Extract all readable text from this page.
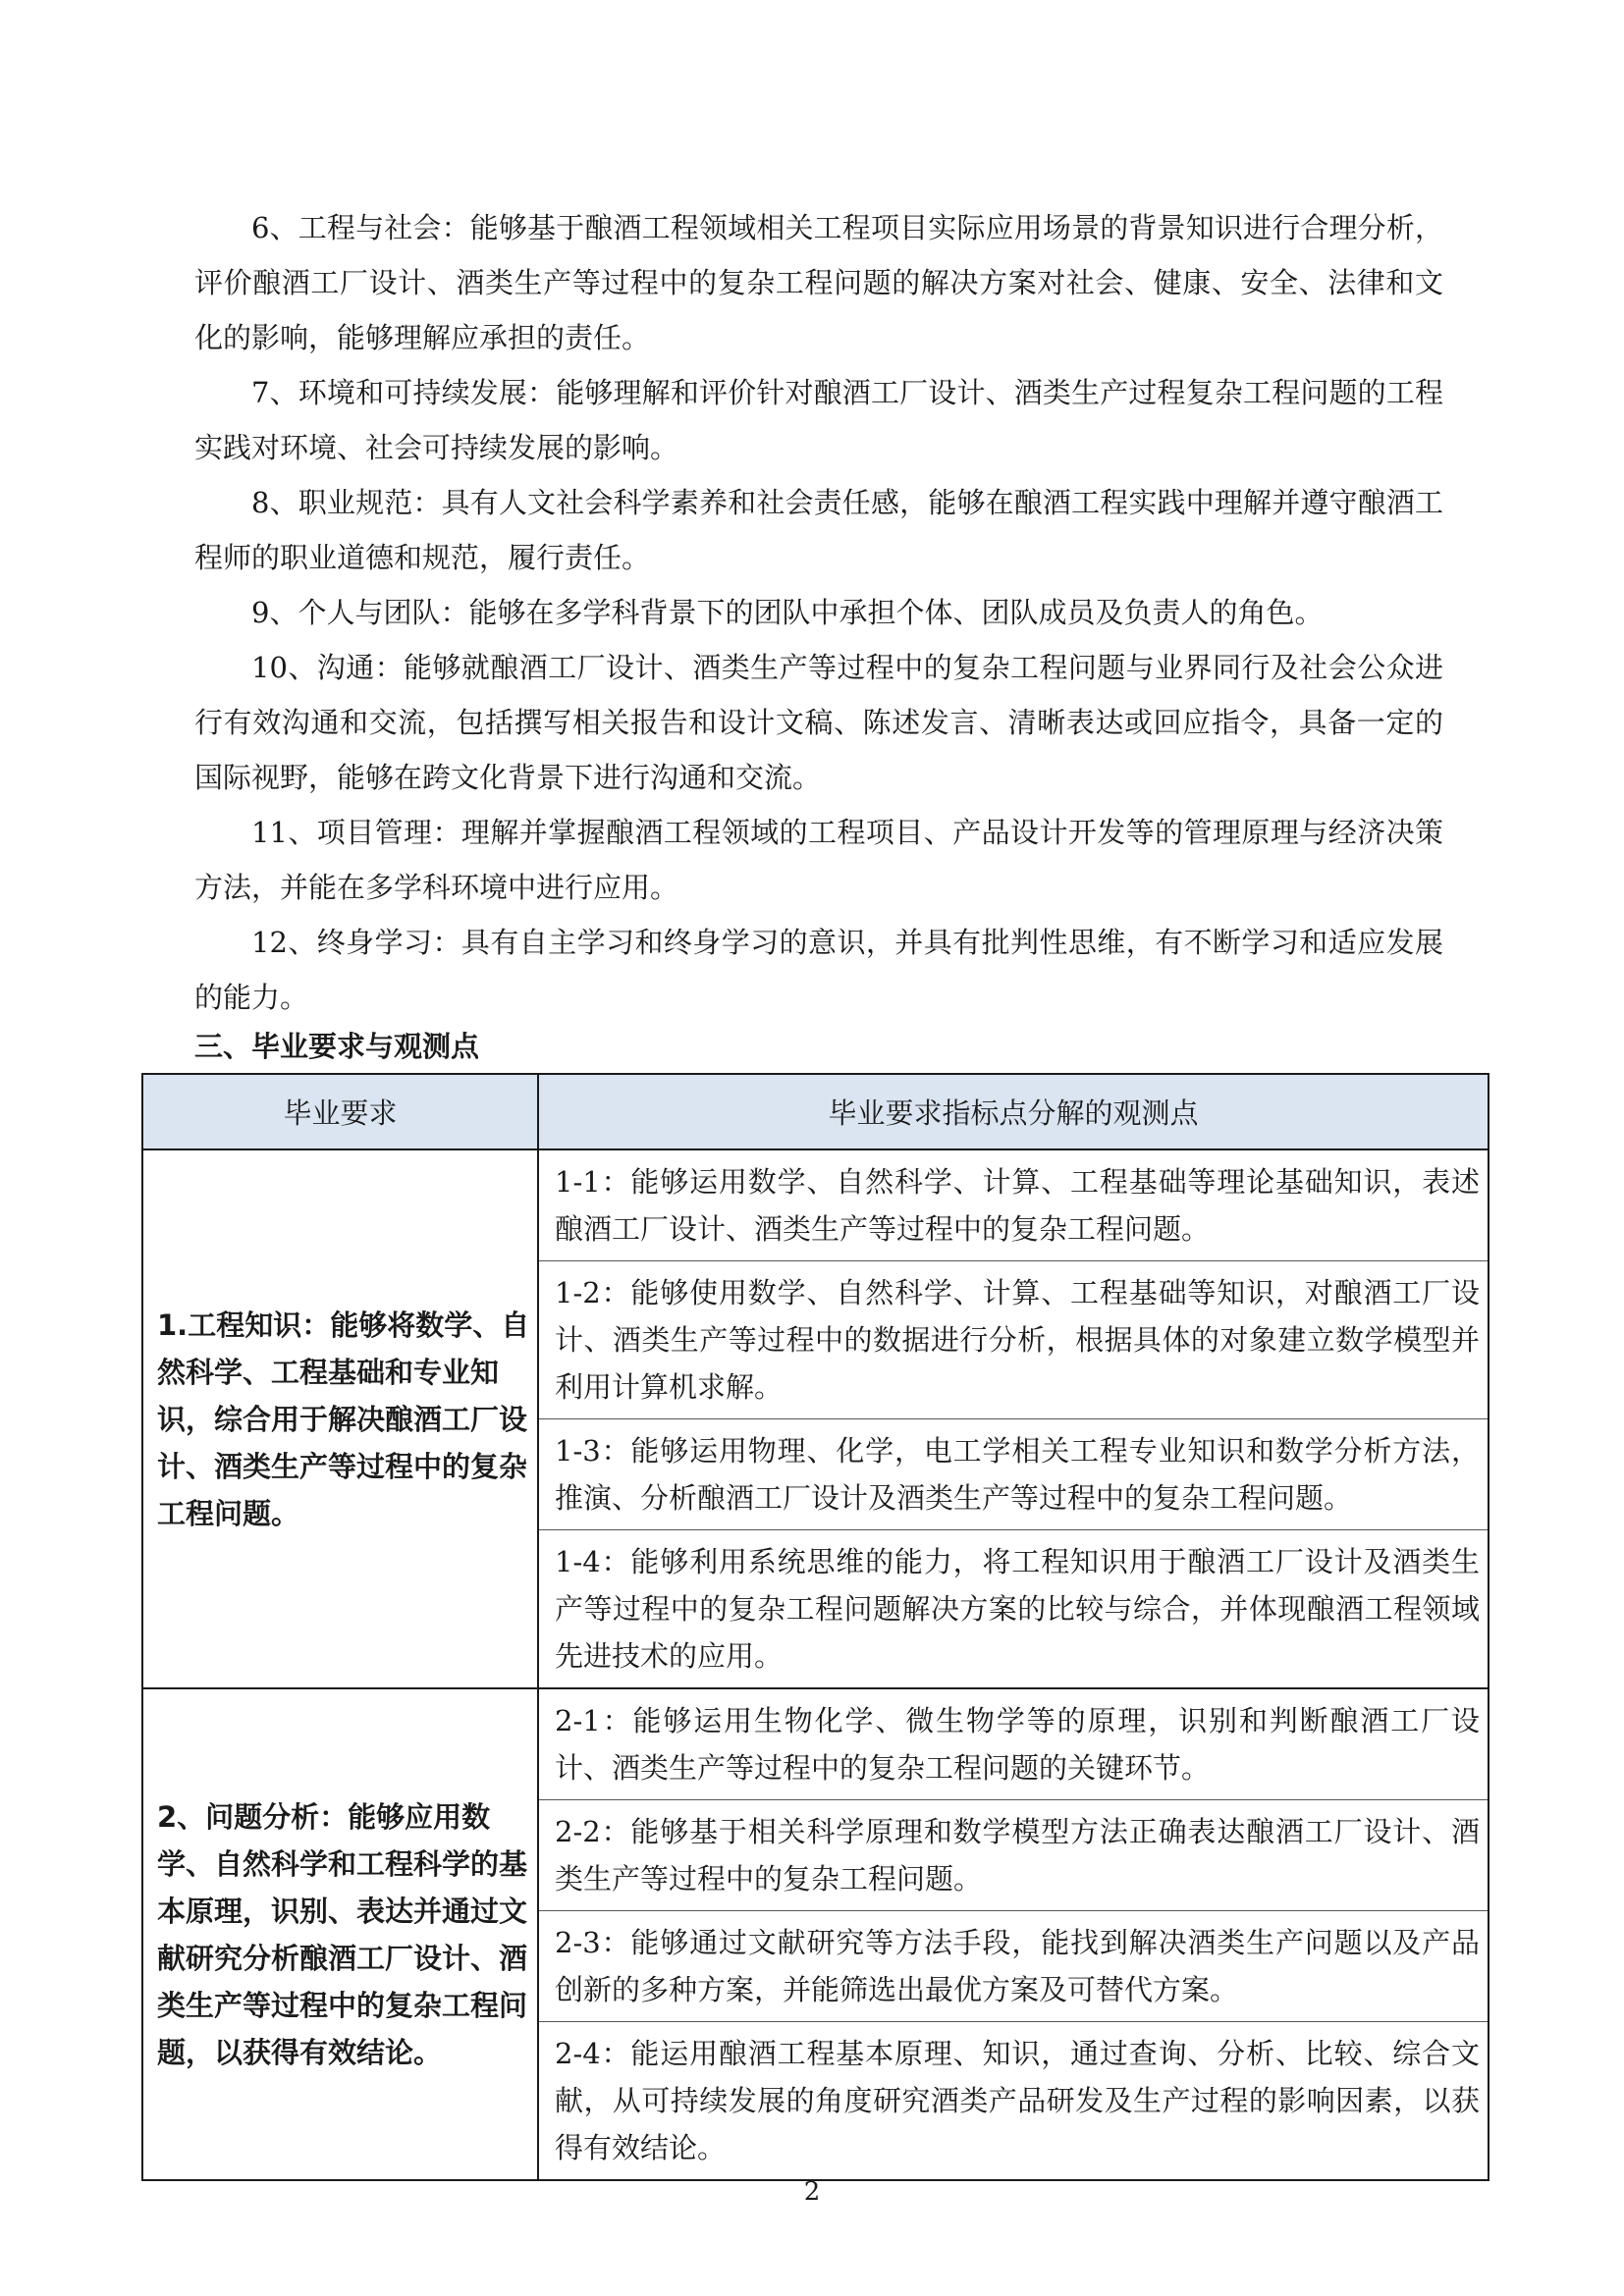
6、工程与社会：能够基于酿酒工程领域相关工程项目实际应用场景的背景知识进行合理分析，评价酿酒工厂设计、酒类生产等过程中的复杂工程问题的解决方案对社会、健康、安全、法律和文化的影响，能够理解应承担的责任。

7、环境和可持续发展：能够理解和评价针对酿酒工厂设计、酒类生产过程复杂工程问题的工程实践对环境、社会可持续发展的影响。

8、职业规范：具有人文社会科学素养和社会责任感，能够在酿酒工程实践中理解并遵守酿酒工程师的职业道德和规范，履行责任。

9、个人与团队：能够在多学科背景下的团队中承担个体、团队成员及负责人的角色。

10、沟通：能够就酿酒工厂设计、酒类生产等过程中的复杂工程问题与业界同行及社会公众进行有效沟通和交流，包括撰写相关报告和设计文稿、陈述发言、清晰表达或回应指令，具备一定的国际视野，能够在跨文化背景下进行沟通和交流。

11、项目管理：理解并掌握酿酒工程领域的工程项目、产品设计开发等的管理原理与经济决策方法，并能在多学科环境中进行应用。

12、终身学习：具有自主学习和终身学习的意识，并具有批判性思维，有不断学习和适应发展的能力。

三、毕业要求与观测点
毕业要求	毕业要求指标点分解的观测点
1.工程知识：能够将数学、自然科学、工程基础和专业知识，综合用于解决酿酒工厂设计、酒类生产等过程中的复杂工程问题。	1-1：能够运用数学、自然科学、计算、工程基础等理论基础知识，表述酿酒工厂设计、酒类生产等过程中的复杂工程问题。
1-2：能够使用数学、自然科学、计算、工程基础等知识，对酿酒工厂设计、酒类生产等过程中的数据进行分析，根据具体的对象建立数学模型并利用计算机求解。
1-3：能够运用物理、化学，电工学相关工程专业知识和数学分析方法，推演、分析酿酒工厂设计及酒类生产等过程中的复杂工程问题。
1-4：能够利用系统思维的能力，将工程知识用于酿酒工厂设计及酒类生产等过程中的复杂工程问题解决方案的比较与综合，并体现酿酒工程领域先进技术的应用。

2、问题分析：能够应用数学、自然科学和工程科学的基本原理，识别、表达并通过文献研究分析酿酒工厂设计、酒类生产等过程中的复杂工程问题，以获得有效结论。	2-1：能够运用生物化学、微生物学等的原理，识别和判断酿酒工厂设计、酒类生产等过程中的复杂工程问题的关键环节。
2-2：能够基于相关科学原理和数学模型方法正确表达酿酒工厂设计、酒类生产等过程中的复杂工程问题。
2-3：能够通过文献研究等方法手段，能找到解决酒类生产问题以及产品创新的多种方案，并能筛选出最优方案及可替代方案。
2-4：能运用酿酒工程基本原理、知识，通过查询、分析、比较、综合文献，从可持续发展的角度研究酒类产品研发及生产过程的影响因素，以获得有效结论。

2
